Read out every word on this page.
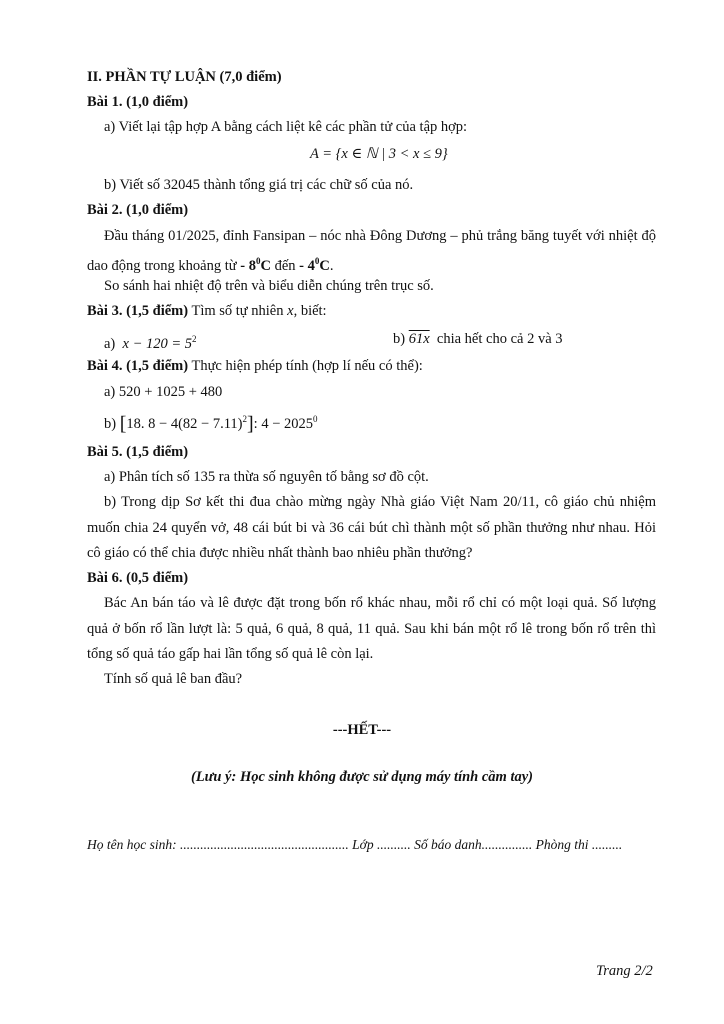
II. PHẦN TỰ LUẬN (7,0 điểm)
Bài 1. (1,0 điểm)
a) Viết lại tập hợp A bằng cách liệt kê các phần tử của tập hợp:
A = {x ∈ ℕ | 3 < x ≤ 9}
b) Viết số 32045 thành tổng giá trị các chữ số của nó.
Bài 2. (1,0 điểm)
Đầu tháng 01/2025, đỉnh Fansipan – nóc nhà Đông Dương – phủ trắng băng tuyết với nhiệt độ
dao động trong khoảng từ - $8^0C$ đến - $4^0C$.
So sánh hai nhiệt độ trên và biểu diễn chúng trên trục số.
Bài 3. (1,5 điểm) Tìm số tự nhiên x, biết:
a) $x - 120 = 5^2$	b) 61x chia hết cho cả 2 và 3
Bài 4. (1,5 điểm) Thực hiện phép tính (hợp lí nếu có thể):
a) 520 + 1025 + 480
b) [18. $8 - 4(82 - 7.11)^2$]: $4 - 2025^0$
Bài 5. (1,5 điểm)
a) Phân tích số 135 ra thừa số nguyên tố bằng sơ đồ cột.
b) Trong dịp Sơ kết thi đua chào mừng ngày Nhà giáo Việt Nam 20/11, cô giáo chủ nhiệm
muốn chia 24 quyển vở, 48 cái bút bi và 36 cái bút chì thành một số phần thưởng như nhau. Hỏi
cô giáo có thể chia được nhiều nhất thành bao nhiêu phần thưởng?
Bài 6. (0,5 điểm)
Bác An bán táo và lê được đặt trong bốn rổ khác nhau, mỗi rổ chỉ có một loại quả. Số lượng
quả ở bốn rổ lần lượt là: 5 quả, 6 quả, 8 quả, 11 quả. Sau khi bán một rổ lê trong bốn rổ trên thì
tổng số quả táo gấp hai lần tổng số quả lê còn lại.
Tính số quả lê ban đầu?
---HẾT---
(Lưu ý: Học sinh không được sử dụng máy tính cầm tay)
Họ tên học sinh: .................................................. Lớp .......... Số báo danh............... Phòng thi .........
Trang 2/2
